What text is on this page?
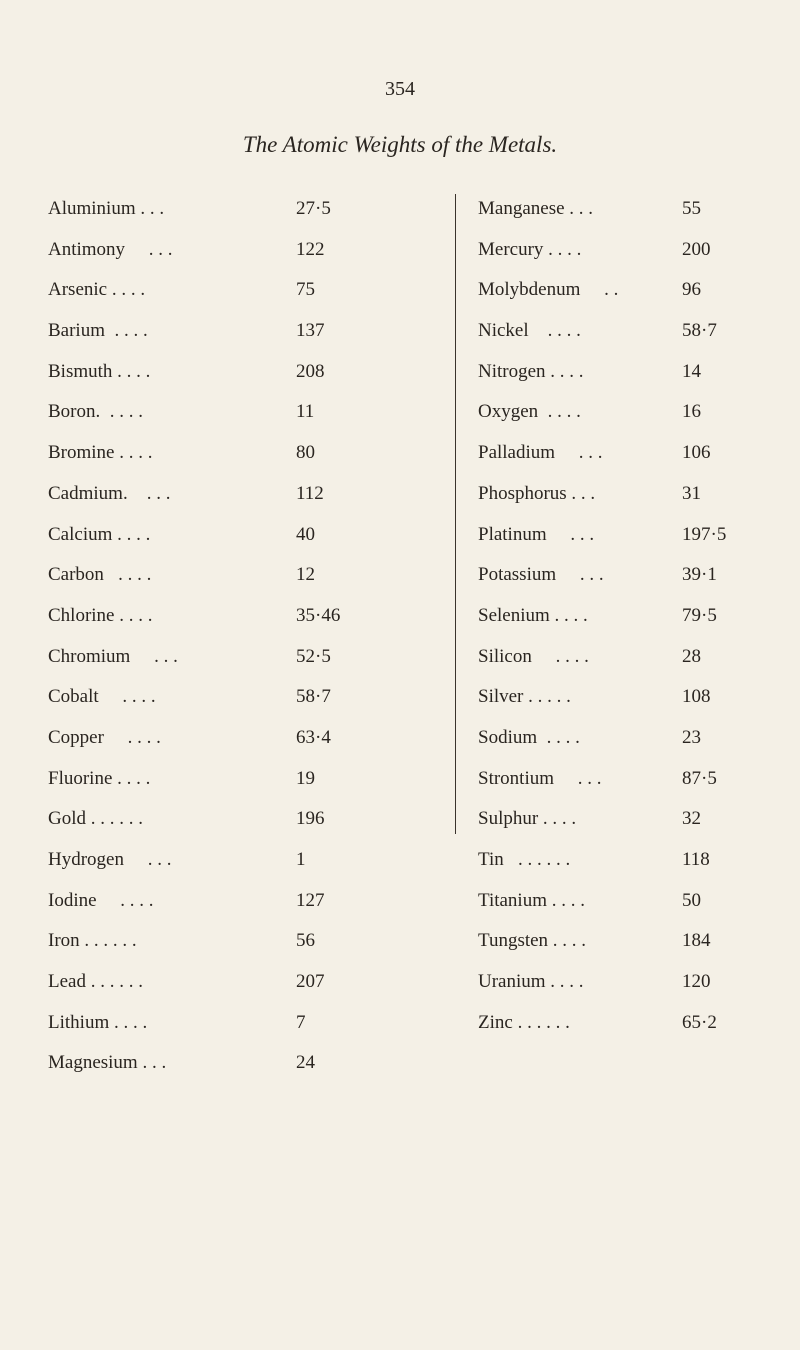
354
The Atomic Weights of the Metals.
Aluminium . . .	27·5
Antimony     . . .	122
Arsenic . . . .	75
Barium  . . . .	137
Bismuth . . . .	208
Boron.  . . . .	11
Bromine . . . .	80
Cadmium.    . . .	112
Calcium . . . .	40
Carbon   . . . .	12
Chlorine . . . .	35·46
Chromium     . . .	52·5
Cobalt     . . . .	58·7
Copper     . . . .	63·4
Fluorine . . . .	19
Gold . . . . . .	196
Hydrogen     . . .	1
Iodine     . . . .	127
Iron . . . . . .	56
Lead . . . . . .	207
Lithium . . . .	7
Magnesium . . .	24
Manganese . . .	55
Mercury . . . .	200
Molybdenum     . .	96
Nickel    . . . .	58·7
Nitrogen . . . .	14
Oxygen  . . . .	16
Palladium     . . .	106
Phosphorus . . .	31
Platinum     . . .	197·5
Potassium     . . .	39·1
Selenium . . . .	79·5
Silicon     . . . .	28
Silver . . . . .	108
Sodium  . . . .	23
Strontium     . . .	87·5
Sulphur . . . .	32
Tin   . . . . . .	118
Titanium . . . .	50
Tungsten . . . .	184
Uranium . . . .	120
Zinc . . . . . .	65·2
